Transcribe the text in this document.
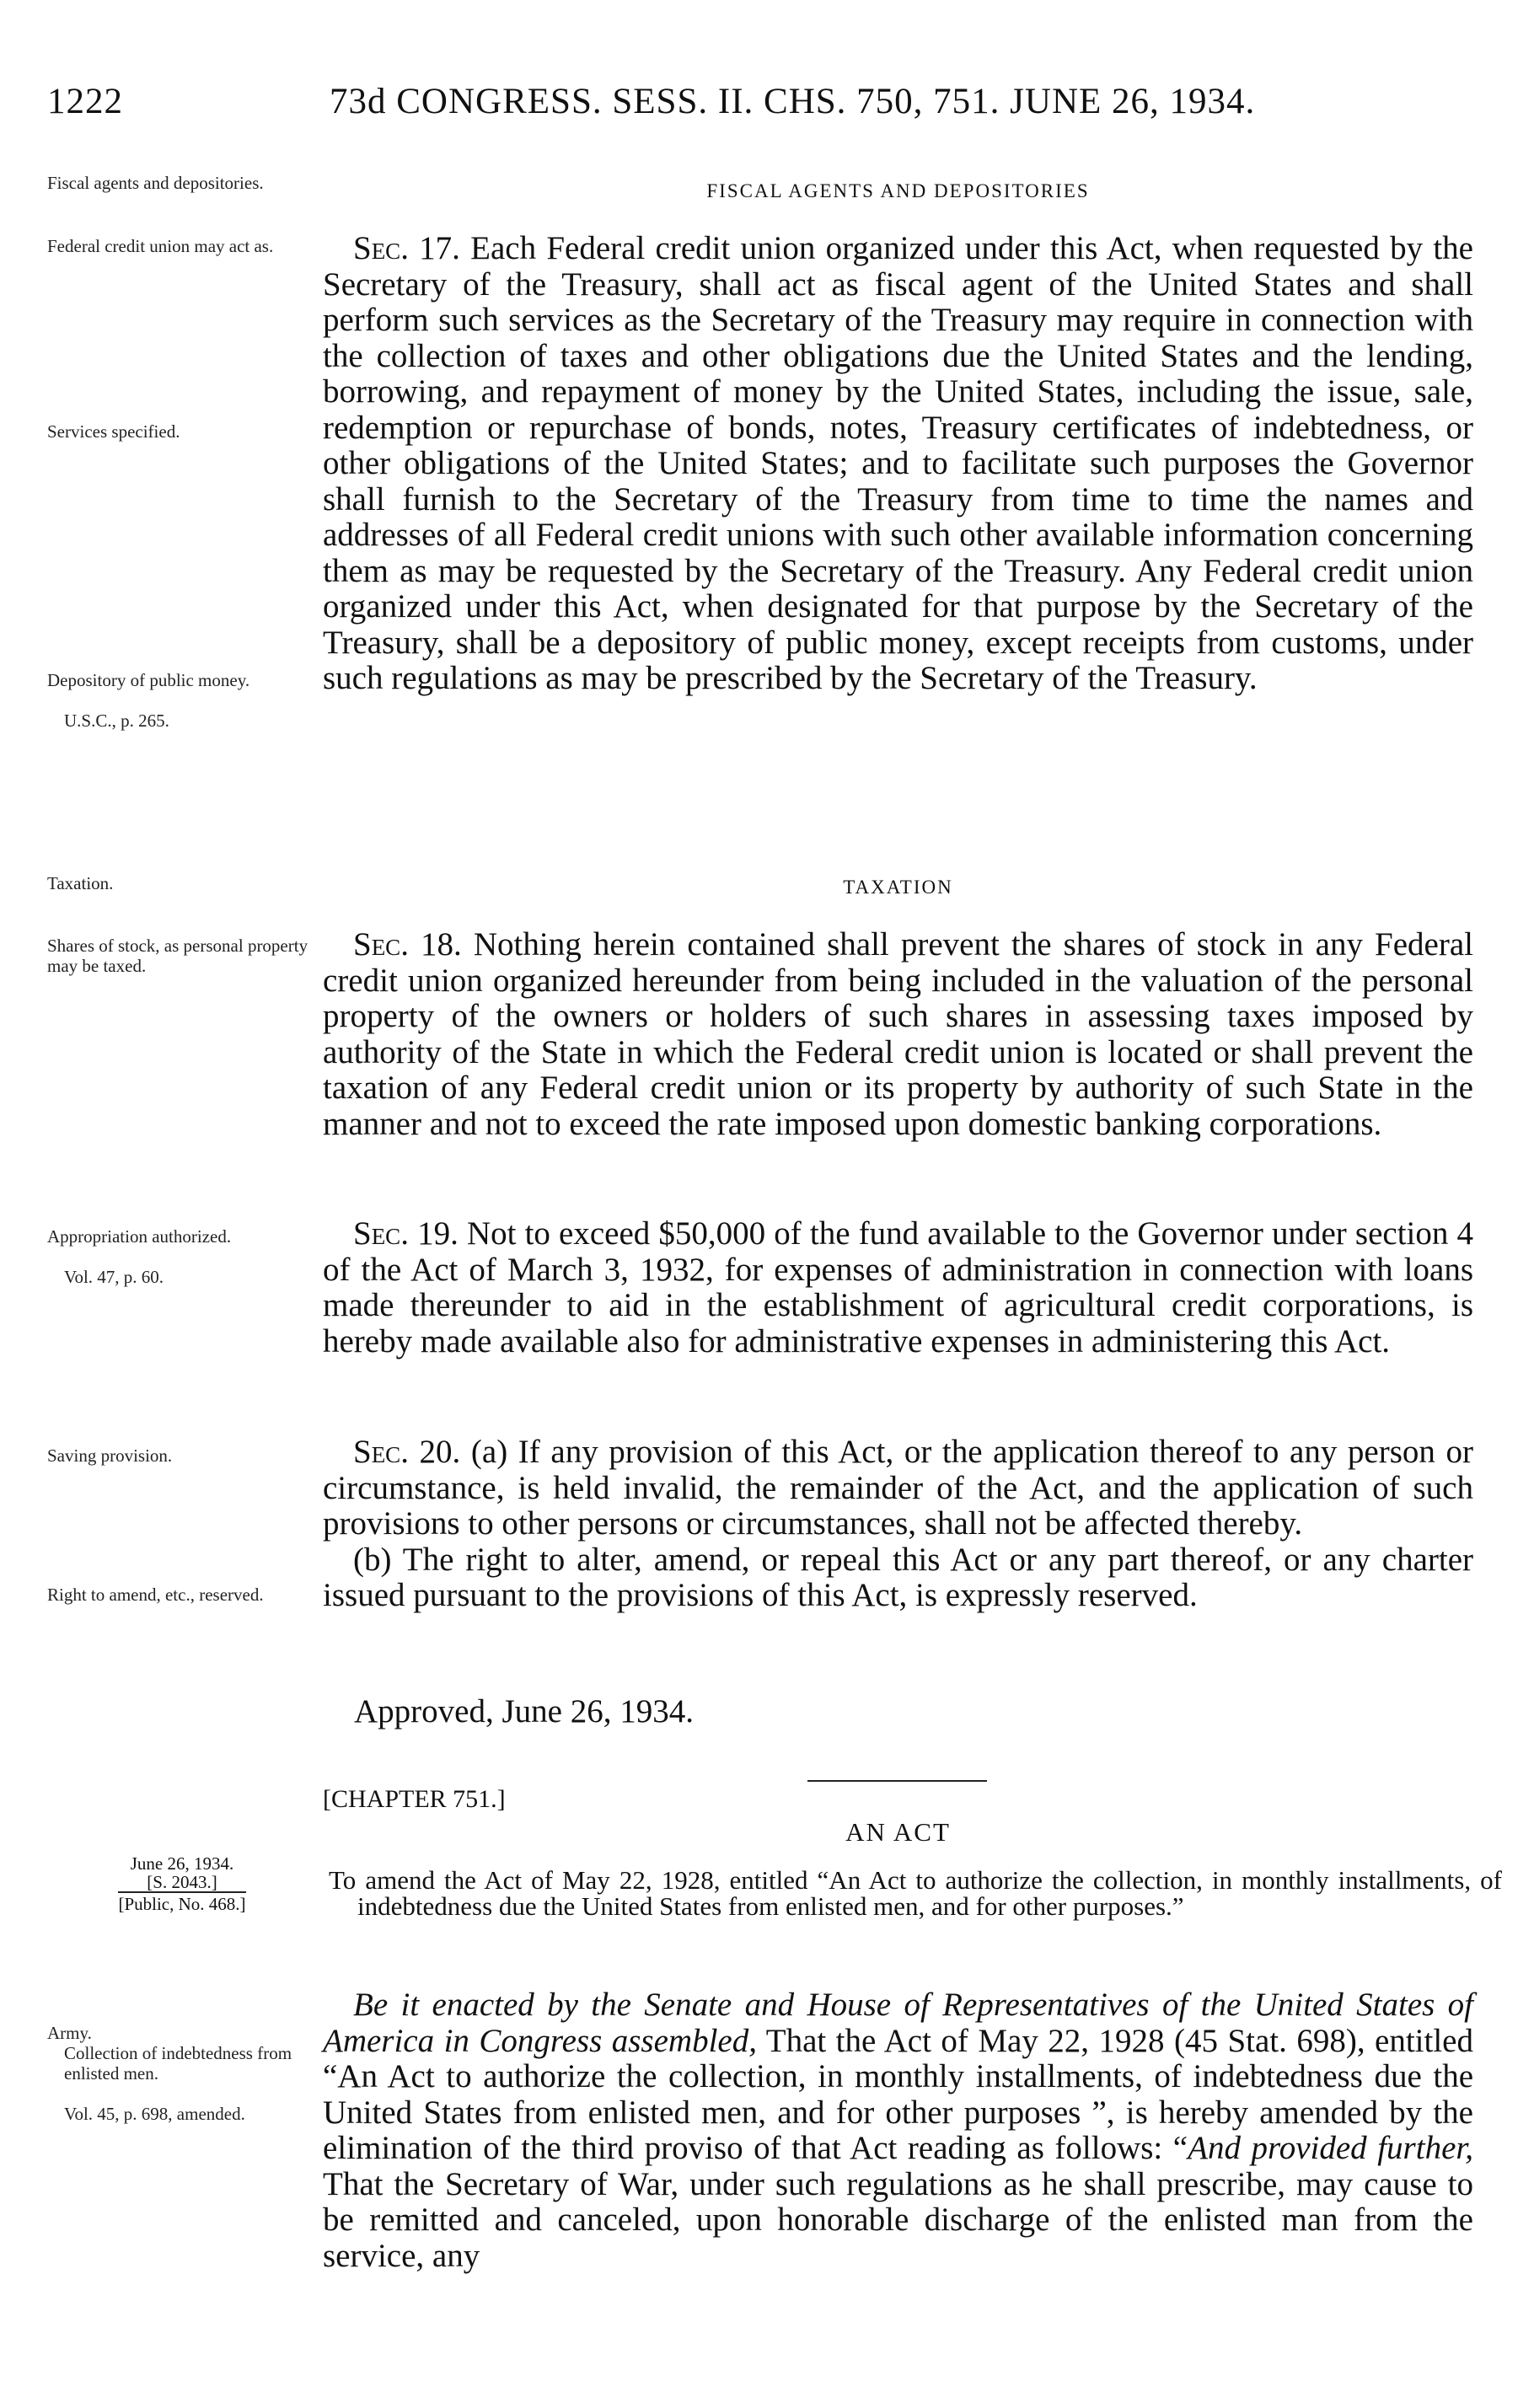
1222	73d CONGRESS. SESS. II. CHS. 750, 751. JUNE 26, 1934.
Fiscal agents and depositories.	FISCAL AGENTS AND DEPOSITORIES
Federal credit union may act as.
Services specified.
Depository of public money.
U.S.C., p. 265.

Sec. 17. Each Federal credit union organized under this Act, when requested by the Secretary of the Treasury, shall act as fiscal agent of the United States and shall perform such services as the Secretary of the Treasury may require in connection with the collection of taxes and other obligations due the United States and the lending, borrowing, and repayment of money by the United States, including the issue, sale, redemption or repurchase of bonds, notes, Treasury certificates of indebtedness, or other obligations of the United States; and to facilitate such purposes the Governor shall furnish to the Secretary of the Treasury from time to time the names and addresses of all Federal credit unions with such other available information concerning them as may be requested by the Secretary of the Treasury. Any Federal credit union organized under this Act, when designated for that purpose by the Secretary of the Treasury, shall be a depository of public money, except receipts from customs, under such regulations as may be prescribed by the Secretary of the Treasury.

Taxation.	TAXATION
Shares of stock, as personal property may be taxed.

Sec. 18. Nothing herein contained shall prevent the shares of stock in any Federal credit union organized hereunder from being included in the valuation of the personal property of the owners or holders of such shares in assessing taxes imposed by authority of the State in which the Federal credit union is located or shall prevent the taxation of any Federal credit union or its property by authority of such State in the manner and not to exceed the rate imposed upon domestic banking corporations.

Appropriation authorized.
Vol. 47, p. 60.

Sec. 19. Not to exceed $50,000 of the fund available to the Governor under section 4 of the Act of March 3, 1932, for expenses of administration in connection with loans made thereunder to aid in the establishment of agricultural credit corporations, is hereby made available also for administrative expenses in administering this Act.

Saving provision.
Right to amend, etc., reserved.

Sec. 20. (a) If any provision of this Act, or the application thereof to any person or circumstance, is held invalid, the remainder of the Act, and the application of such provisions to other persons or circumstances, shall not be affected thereby.

(b) The right to alter, amend, or repeal this Act or any part thereof, or any charter issued pursuant to the provisions of this Act, is expressly reserved.

Approved, June 26, 1934.
[CHAPTER 751.]
AN ACT
June 26, 1934.
[S. 2043.]
[Public, No. 468.]
To amend the Act of May 22, 1928, entitled “An Act to authorize the collection, in monthly installments, of indebtedness due the United States from enlisted men, and for other purposes.”
Army.
Collection of indebtedness from enlisted men.
Vol. 45, p. 698, amended.

Be it enacted by the Senate and House of Representatives of the United States of America in Congress assembled, That the Act of May 22, 1928 (45 Stat. 698), entitled “An Act to authorize the collection, in monthly installments, of indebtedness due the United States from enlisted men, and for other purposes ”, is hereby amended by the elimination of the third proviso of that Act reading as follows: “And provided further, That the Secretary of War, under such regulations as he shall prescribe, may cause to be remitted and canceled, upon honorable discharge of the enlisted man from the service, any
